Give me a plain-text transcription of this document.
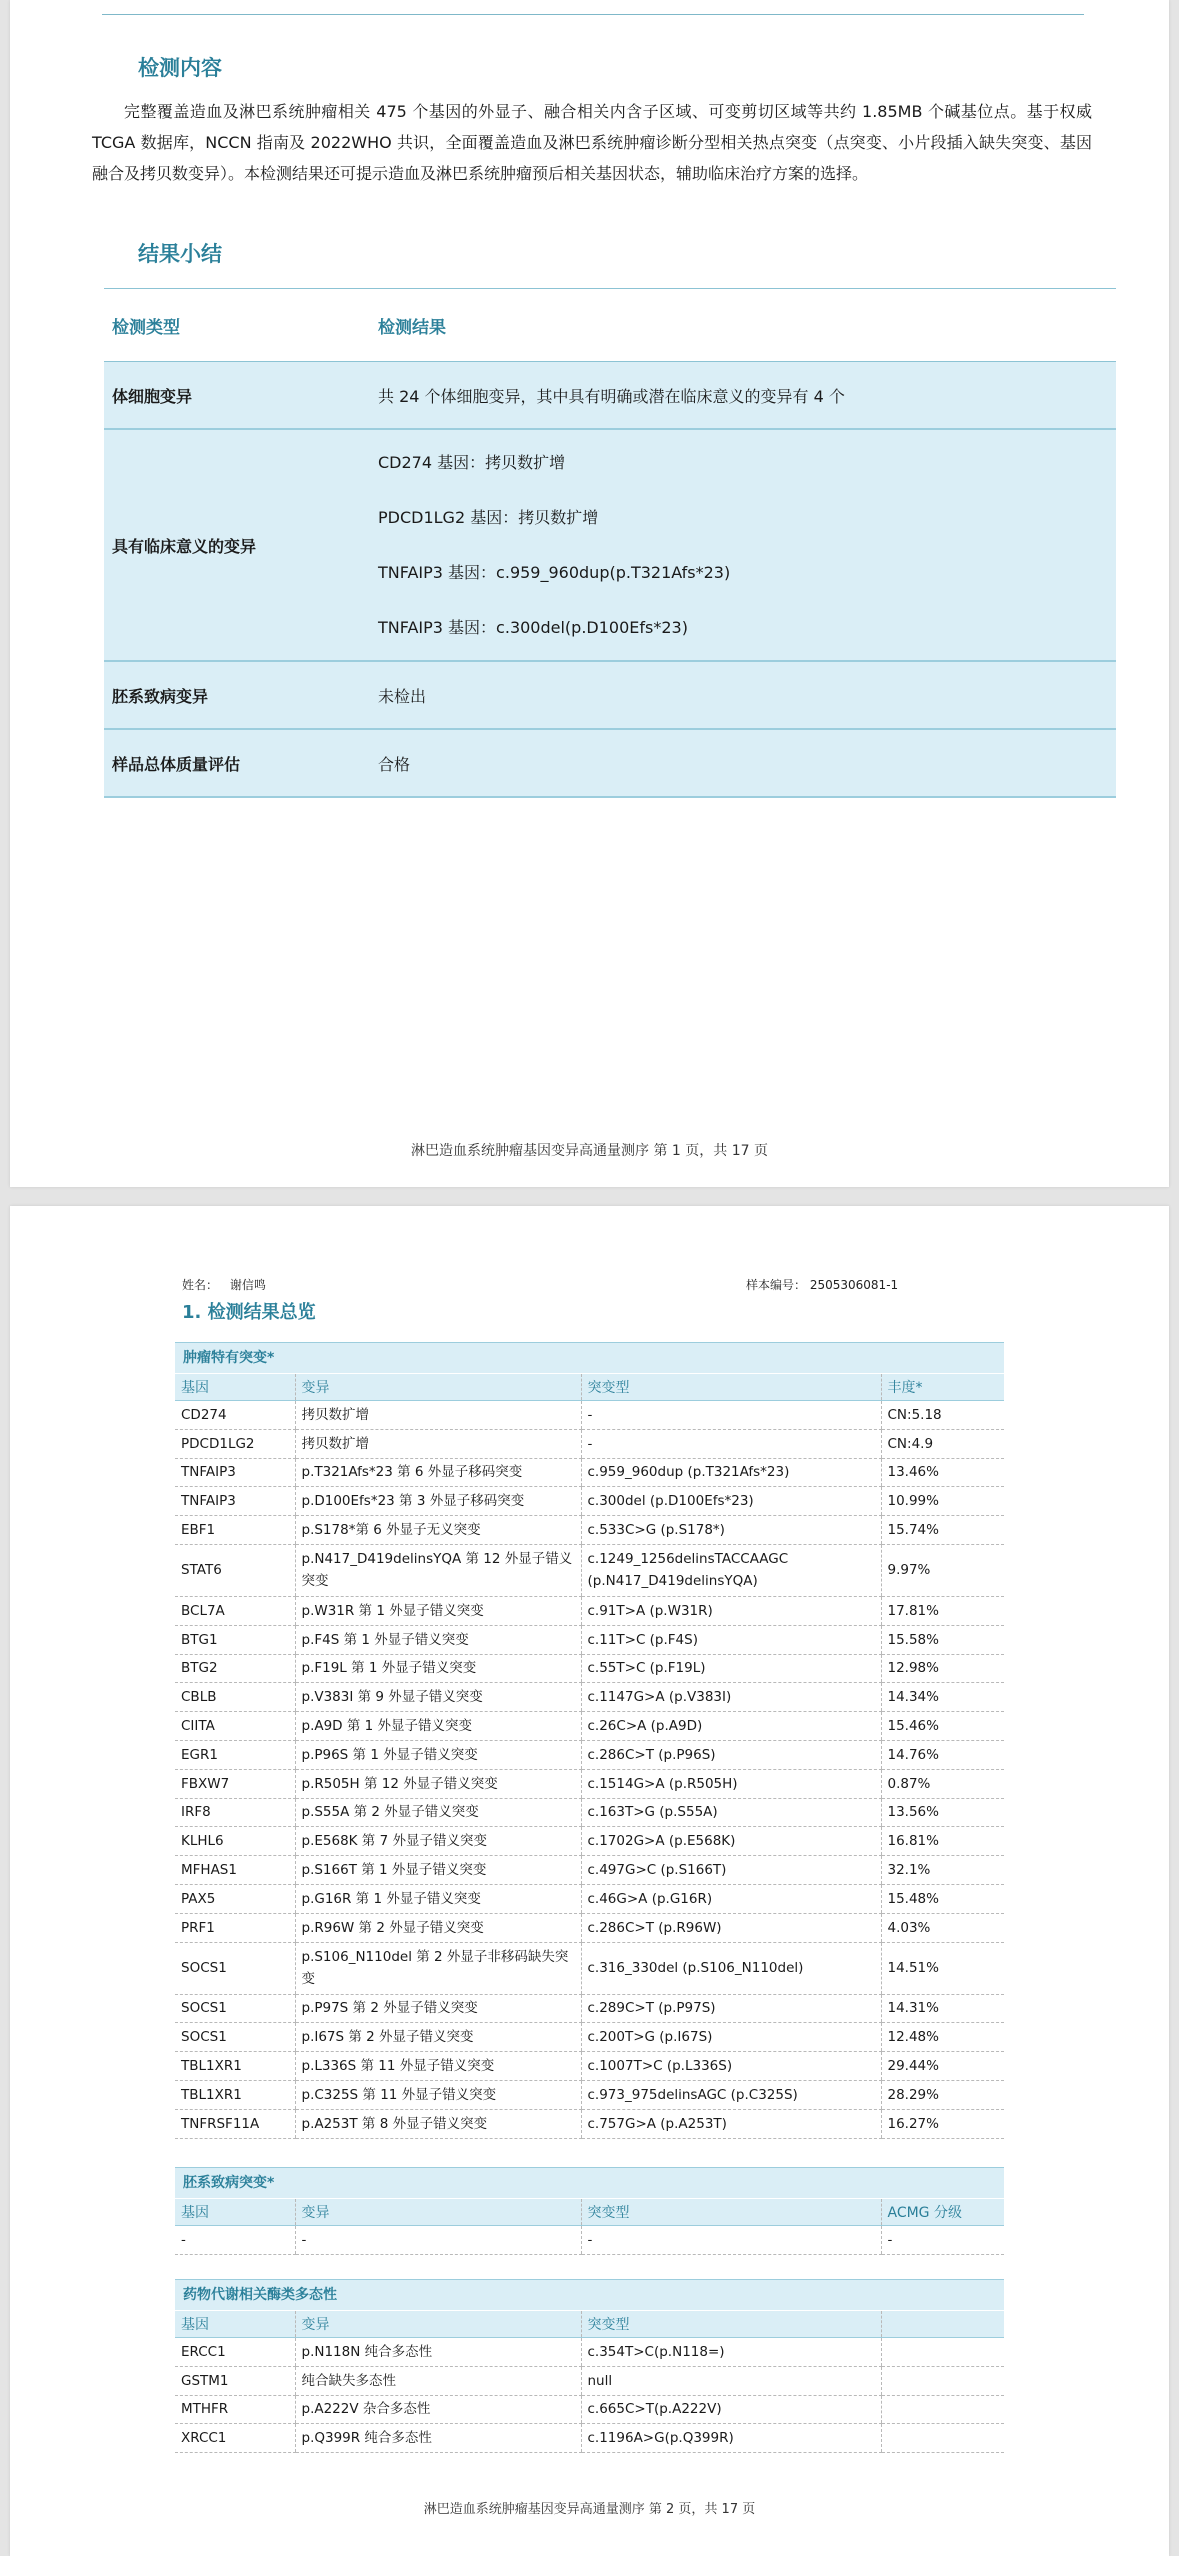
检测内容
完整覆盖造血及淋巴系统肿瘤相关 475 个基因的外显子、融合相关内含子区域、可变剪切区域等共约 1.85MB 个碱基位点。基于权威 TCGA 数据库，NCCN 指南及 2022WHO 共识，全面覆盖造血及淋巴系统肿瘤诊断分型相关热点突变（点突变、小片段插入缺失突变、基因融合及拷贝数变异）。本检测结果还可提示造血及淋巴系统肿瘤预后相关基因状态，辅助临床治疗方案的选择。
结果小结
检测类型	检测结果
体细胞变异	共 24 个体细胞变异，其中具有明确或潜在临床意义的变异有 4 个
具有临床意义的变异
CD274 基因：拷贝数扩增
PDCD1LG2 基因：拷贝数扩增
TNFAIP3 基因：c.959_960dup(p.T321Afs*23)
TNFAIP3 基因：c.300del(p.D100Efs*23)
胚系致病变异	未检出
样品总体质量评估	合格
淋巴造血系统肿瘤基因变异高通量测序 第 1 页，共 17 页
姓名： 谢信鸣	样本编号： 2505306081-1
1. 检测结果总览
肿瘤特有突变*
基因	变异	突变型	丰度*
CD274	拷贝数扩增	-	CN:5.18
PDCD1LG2	拷贝数扩增	-	CN:4.9
TNFAIP3	p.T321Afs*23 第 6 外显子移码突变	c.959_960dup (p.T321Afs*23)	13.46%
TNFAIP3	p.D100Efs*23 第 3 外显子移码突变	c.300del (p.D100Efs*23)	10.99%
EBF1	p.S178*第 6 外显子无义突变	c.533C>G (p.S178*)	15.74%
STAT6	p.N417_D419delinsYQA 第 12 外显子错义突变	c.1249_1256delinsTACCAAGC (p.N417_D419delinsYQA)	9.97%
BCL7A	p.W31R 第 1 外显子错义突变	c.91T>A (p.W31R)	17.81%
BTG1	p.F4S 第 1 外显子错义突变	c.11T>C (p.F4S)	15.58%
BTG2	p.F19L 第 1 外显子错义突变	c.55T>C (p.F19L)	12.98%
CBLB	p.V383I 第 9 外显子错义突变	c.1147G>A (p.V383I)	14.34%
CIITA	p.A9D 第 1 外显子错义突变	c.26C>A (p.A9D)	15.46%
EGR1	p.P96S 第 1 外显子错义突变	c.286C>T (p.P96S)	14.76%
FBXW7	p.R505H 第 12 外显子错义突变	c.1514G>A (p.R505H)	0.87%
IRF8	p.S55A 第 2 外显子错义突变	c.163T>G (p.S55A)	13.56%
KLHL6	p.E568K 第 7 外显子错义突变	c.1702G>A (p.E568K)	16.81%
MFHAS1	p.S166T 第 1 外显子错义突变	c.497G>C (p.S166T)	32.1%
PAX5	p.G16R 第 1 外显子错义突变	c.46G>A (p.G16R)	15.48%
PRF1	p.R96W 第 2 外显子错义突变	c.286C>T (p.R96W)	4.03%
SOCS1	p.S106_N110del 第 2 外显子非移码缺失突变	c.316_330del (p.S106_N110del)	14.51%
SOCS1	p.P97S 第 2 外显子错义突变	c.289C>T (p.P97S)	14.31%
SOCS1	p.I67S 第 2 外显子错义突变	c.200T>G (p.I67S)	12.48%
TBL1XR1	p.L336S 第 11 外显子错义突变	c.1007T>C (p.L336S)	29.44%
TBL1XR1	p.C325S 第 11 外显子错义突变	c.973_975delinsAGC (p.C325S)	28.29%
TNFRSF11A	p.A253T 第 8 外显子错义突变	c.757G>A (p.A253T)	16.27%
胚系致病突变*
基因	变异	突变型	ACMG 分级
-	-	-	-
药物代谢相关酶类多态性
基因	变异	突变型	
ERCC1	p.N118N 纯合多态性	c.354T>C(p.N118=)	
GSTM1	纯合缺失多态性	null	
MTHFR	p.A222V 杂合多态性	c.665C>T(p.A222V)	
XRCC1	p.Q399R 纯合多态性	c.1196A>G(p.Q399R)	
淋巴造血系统肿瘤基因变异高通量测序 第 2 页，共 17 页
